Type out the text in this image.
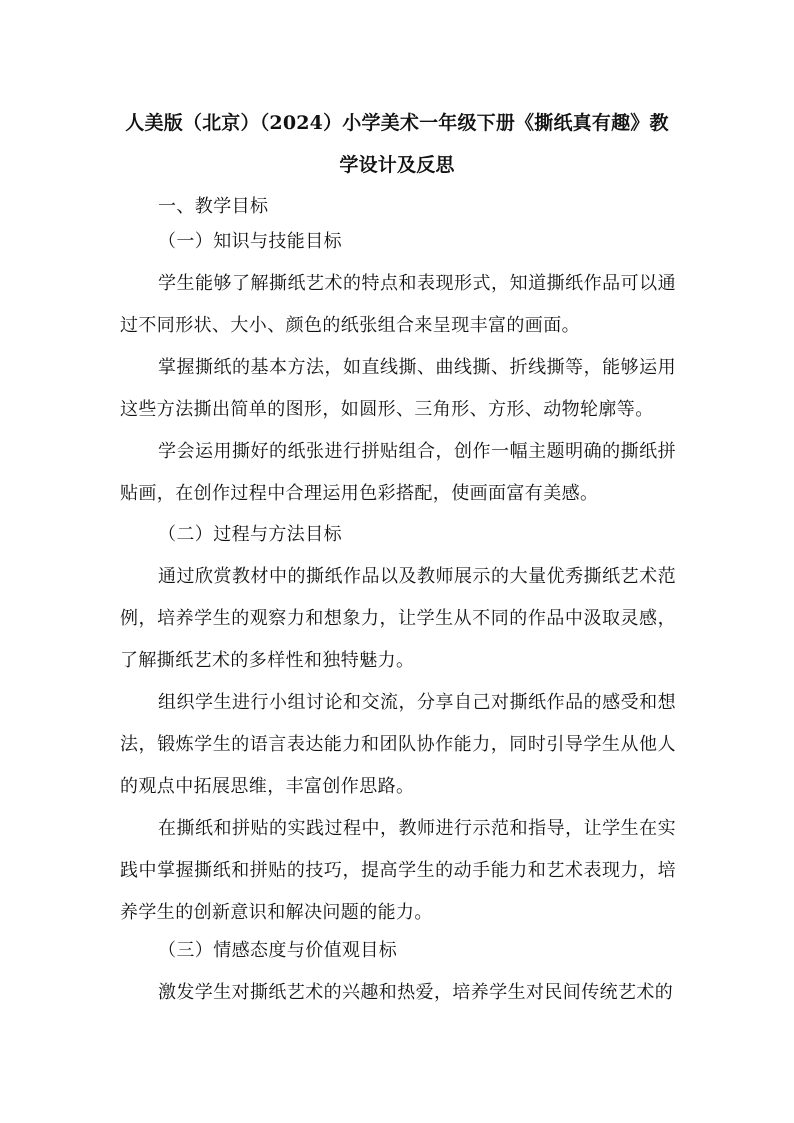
人美版（北京）（2024）小学美术一年级下册《撕纸真有趣》教学设计及反思
一、教学目标
（一）知识与技能目标
学生能够了解撕纸艺术的特点和表现形式，知道撕纸作品可以通过不同形状、大小、颜色的纸张组合来呈现丰富的画面。
掌握撕纸的基本方法，如直线撕、曲线撕、折线撕等，能够运用这些方法撕出简单的图形，如圆形、三角形、方形、动物轮廓等。
学会运用撕好的纸张进行拼贴组合，创作一幅主题明确的撕纸拼贴画，在创作过程中合理运用色彩搭配，使画面富有美感。
（二）过程与方法目标
通过欣赏教材中的撕纸作品以及教师展示的大量优秀撕纸艺术范例，培养学生的观察力和想象力，让学生从不同的作品中汲取灵感，了解撕纸艺术的多样性和独特魅力。
组织学生进行小组讨论和交流，分享自己对撕纸作品的感受和想法，锻炼学生的语言表达能力和团队协作能力，同时引导学生从他人的观点中拓展思维，丰富创作思路。
在撕纸和拼贴的实践过程中，教师进行示范和指导，让学生在实践中掌握撕纸和拼贴的技巧，提高学生的动手能力和艺术表现力，培养学生的创新意识和解决问题的能力。
（三）情感态度与价值观目标
激发学生对撕纸艺术的兴趣和热爱，培养学生对民间传统艺术的
